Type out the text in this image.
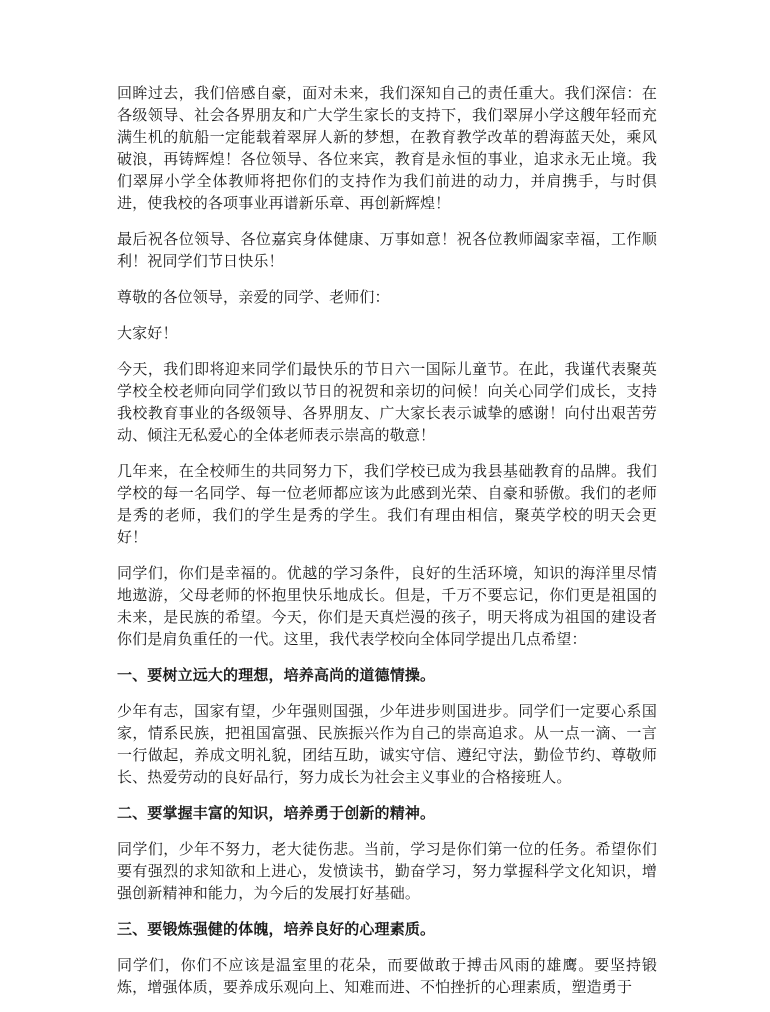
回眸过去，我们倍感自豪，面对未来，我们深知自己的责任重大。我们深信：在各级领导、社会各界朋友和广大学生家长的支持下，我们翠屏小学这艘年轻而充满生机的航船一定能载着翠屏人新的梦想，在教育教学改革的碧海蓝天处，乘风破浪，再铸辉煌！各位领导、各位来宾，教育是永恒的事业，追求永无止境。我们翠屏小学全体教师将把你们的支持作为我们前进的动力，并肩携手，与时俱进，使我校的各项事业再谱新乐章、再创新辉煌！

最后祝各位领导、各位嘉宾身体健康、万事如意！祝各位教师阖家幸福，工作顺利！祝同学们节日快乐！

尊敬的各位领导，亲爱的同学、老师们：

大家好！

今天，我们即将迎来同学们最快乐的节日六一国际儿童节。在此，我谨代表聚英学校全校老师向同学们致以节日的祝贺和亲切的问候！向关心同学们成长，支持我校教育事业的各级领导、各界朋友、广大家长表示诚挚的感谢！向付出艰苦劳动、倾注无私爱心的全体老师表示崇高的敬意！

几年来，在全校师生的共同努力下，我们学校已成为我县基础教育的品牌。我们学校的每一名同学、每一位老师都应该为此感到光荣、自豪和骄傲。我们的老师是秀的老师，我们的学生是秀的学生。我们有理由相信，聚英学校的明天会更好！

同学们，你们是幸福的。优越的学习条件，良好的生活环境，知识的海洋里尽情地遨游，父母老师的怀抱里快乐地成长。但是，千万不要忘记，你们更是祖国的未来，是民族的希望。今天，你们是天真烂漫的孩子，明天将成为祖国的建设者你们是肩负重任的一代。这里，我代表学校向全体同学提出几点希望：

一、要树立远大的理想，培养高尚的道德情操。

少年有志，国家有望，少年强则国强，少年进步则国进步。同学们一定要心系国家，情系民族，把祖国富强、民族振兴作为自己的崇高追求。从一点一滴、一言一行做起，养成文明礼貌，团结互助，诚实守信、遵纪守法，勤俭节约、尊敬师长、热爱劳动的良好品行，努力成长为社会主义事业的合格接班人。

二、要掌握丰富的知识，培养勇于创新的精神。

同学们，少年不努力，老大徒伤悲。当前，学习是你们第一位的任务。希望你们要有强烈的求知欲和上进心，发愤读书，勤奋学习，努力掌握科学文化知识，增强创新精神和能力，为今后的发展打好基础。

三、要锻炼强健的体魄，培养良好的心理素质。

同学们，你们不应该是温室里的花朵，而要做敢于搏击风雨的雄鹰。要坚持锻炼，增强体质，要养成乐观向上、知难而进、不怕挫折的心理素质，塑造勇于
